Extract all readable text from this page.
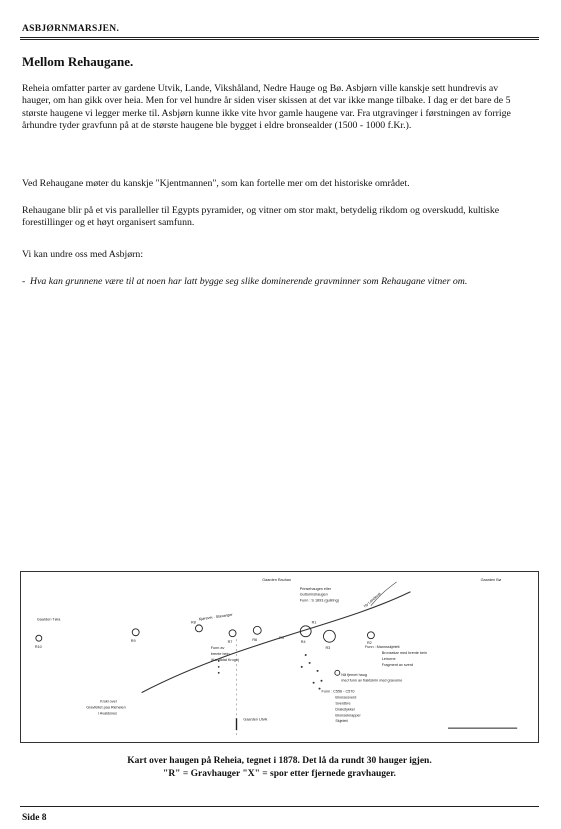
ASBJØRNMARSJEN.
Mellom Rehaugane.

Reheia omfatter parter av gardene Utvik, Lande, Vikshåland, Nedre Hauge og Bø. Asbjørn ville kanskje sett hundrevis av hauger, om han gikk over heia. Men for vel hundre år siden viser skissen at det var ikke mange tilbake. I dag er det bare de 5 største haugene vi legger merke til. Asbjørn kunne ikke vite hvor gamle haugene var. Fra utgravinger i førstningen av forrige århundre tyder gravfunn på at de største haugene ble bygget i eldre bronsealder (1500 - 1000 f.Kr.).

Ved Rehaugane møter du kanskje "Kjentmannen", som kan fortelle mer om det historiske området.

Rehaugane blir på et vis paralleller til Egypts pyramider, og vitner om stor makt, betydelig rikdom og overskudd, kultiske forestillinger og et høyt organisert samfunn.

Vi kan undre oss med Asbjørn:

- Hva kan grunnene være til at noen har latt bygge seg slike dominerende gravminner som Rehaugane vitner om.
Gaarden Rauhan	Gaarden Bø
Gaarden Tøra
Gaarden Utvik
Kjørevei · Stavanger
Ny Landevei
Prinsehaugen eller
Guttormshaugen
Funn : S 1893 (gullring)
Funn av
brente bein
(Kandidat Krogh)
Funn : Mannsskjelett
Bronsekar med brente bein
Leirurne
Fragment av sverd
Nå fjernet haug
med funn av fraktskrin med gravurne
Funn : C556 - C570
Bronsesverd
Sverdbre
Drakstykker
Bronseknapper
Skjelett
Kroki over
Gravfeltet paa Rieheien
i Avaldsnes
R10
R9
R8
R7	R6	R5
R4
R3
R2
R1
Kart over haugen på Reheia, tegnet i 1878. Det lå da rundt 30 hauger igjen.
"R" = Gravhauger "X" = spor etter fjernede gravhauger.
Side 8
